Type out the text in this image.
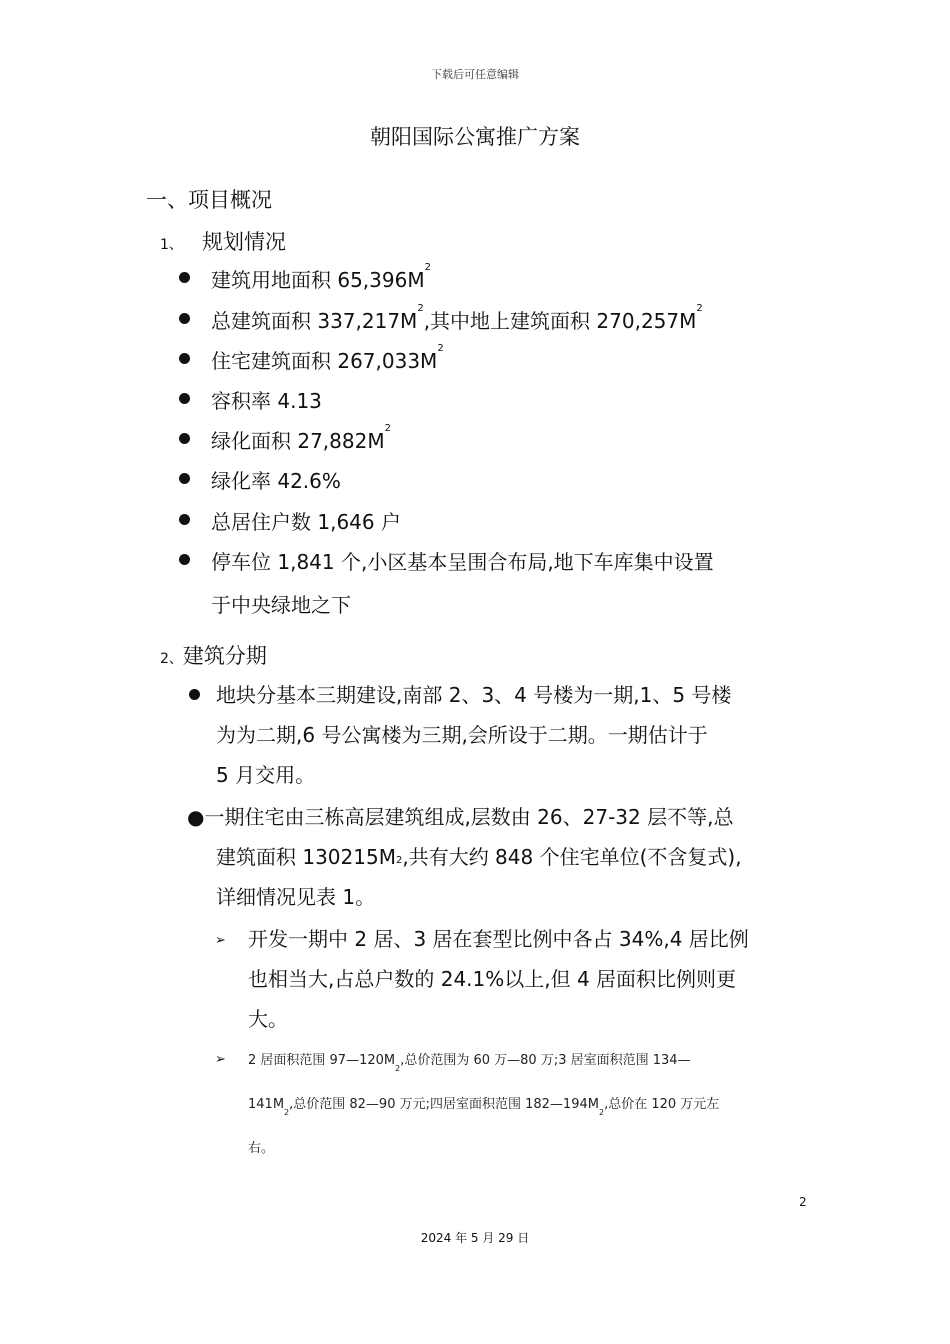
下载后可任意编辑
朝阳国际公寓推广方案
一、项目概况
1、 规划情况
建筑用地面积 $65,396M^2$
总建筑面积 $337,217M^2$,其中地上建筑面积 $270,257M^2$
住宅建筑面积 $267,033M^2$
容积率 4.13
绿化面积 $27,882M^2$
绿化率 42.6%
总居住户数 1,646 户
停车位 1,841 个,小区基本呈围合布局,地下车库集中设置
于中央绿地之下
2、建筑分期
地块分基本三期建设,南部 2、3、4 号楼为一期,1、5 号楼
为为二期,6 号公寓楼为三期,会所设于二期。一期估计于
5 月交用。
●一期住宅由三栋高层建筑组成,层数由 26、27-32 层不等,总
建筑面积 $130215M^2$,共有大约 848 个住宅单位(不含复式),
详细情况见表 1。
➢ 开发一期中 2 居、3 居在套型比例中各占 34%,4 居比例
也相当大,占总户数的 24.1%以上,但 4 居面积比例则更
大。
➢ 2 居面积范围 $97—120M^2$,总价范围为 60 万—80 万;3 居室面积范围 134—
$141M^2$,总价范围 82—90 万元;四居室面积范围 $182—194M^2$,总价在 120 万元左
右。
2
2024 年 5 月 29 日
